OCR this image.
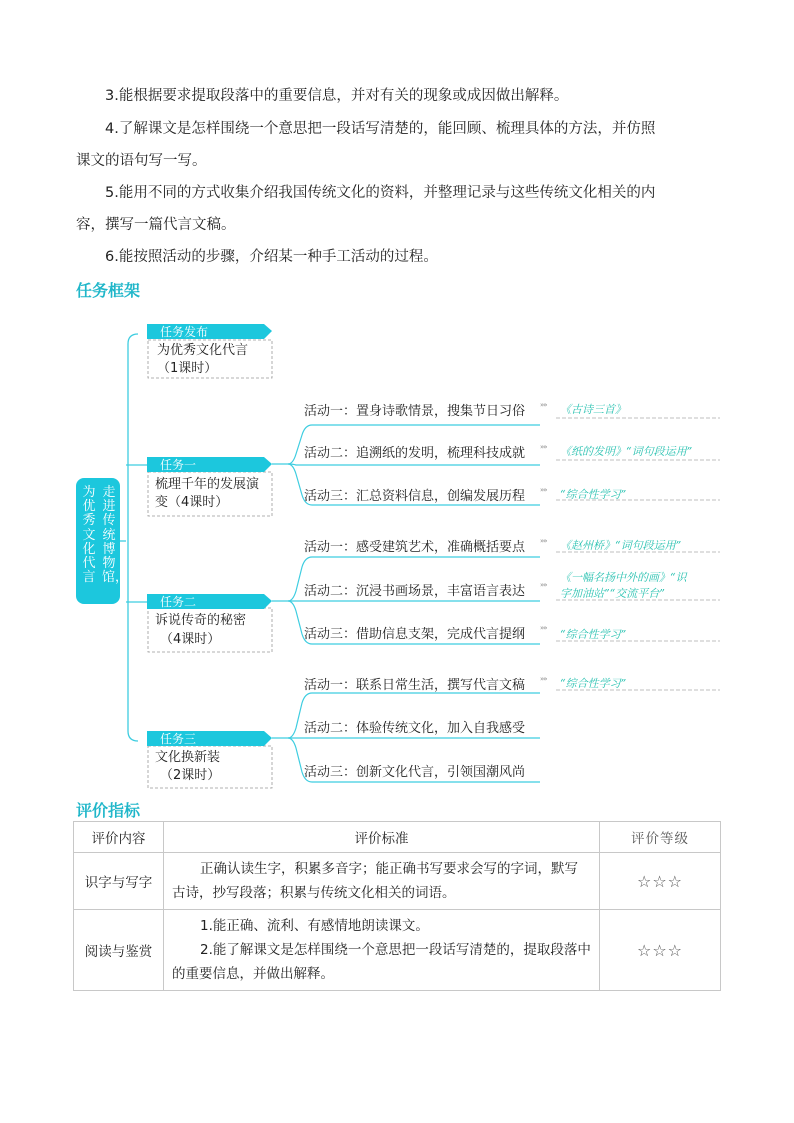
3.能根据要求提取段落中的重要信息，并对有关的现象或成因做出解释。
4.了解课文是怎样围绕一个意思把一段话写清楚的，能回顾、梳理具体的方法，并仿照
课文的语句写一写。
5.能用不同的方式收集介绍我国传统文化的资料，并整理记录与这些传统文化相关的内
容，撰写一篇代言文稿。
6.能按照活动的步骤，介绍某一种手工活动的过程。
任务框架
走进传统博物馆，
为优秀文化代言
任务发布
为优秀文化代言
（1课时）
任务一
梳理千年的发展演
变（4课时）
任务二
诉说传奇的秘密
（4课时）
任务三
文化换新装
（2课时）
活动一：置身诗歌情景，搜集节日习俗
活动二：追溯纸的发明，梳理科技成就
活动三：汇总资料信息，创编发展历程
活动一：感受建筑艺术，准确概括要点
活动二：沉浸书画场景，丰富语言表达
活动三：借助信息支架，完成代言提纲
活动一：联系日常生活，撰写代言文稿
活动二：体验传统文化，加入自我感受
活动三：创新文化代言，引领国潮风尚
»»
»»
»»
»»
»»
»»
»»
《古诗三首》
《纸的发明》“词句段运用”
“综合性学习”
《赵州桥》“词句段运用”
《一幅名扬中外的画》“识
字加油站”“交流平台”
“综合性学习”
“综合性学习”
评价指标
评价内容	评价标准	评价等级
识字与写字	正确认读生字，积累多音字；能正确书写要求会写的字词，默写古诗，抄写段落；积累与传统文化相关的词语。	☆☆☆
阅读与鉴赏	1.能正确、流利、有感情地朗读课文。
2.能了解课文是怎样围绕一个意思把一段话写清楚的，提取段落中的重要信息，并做出解释。	☆☆☆
